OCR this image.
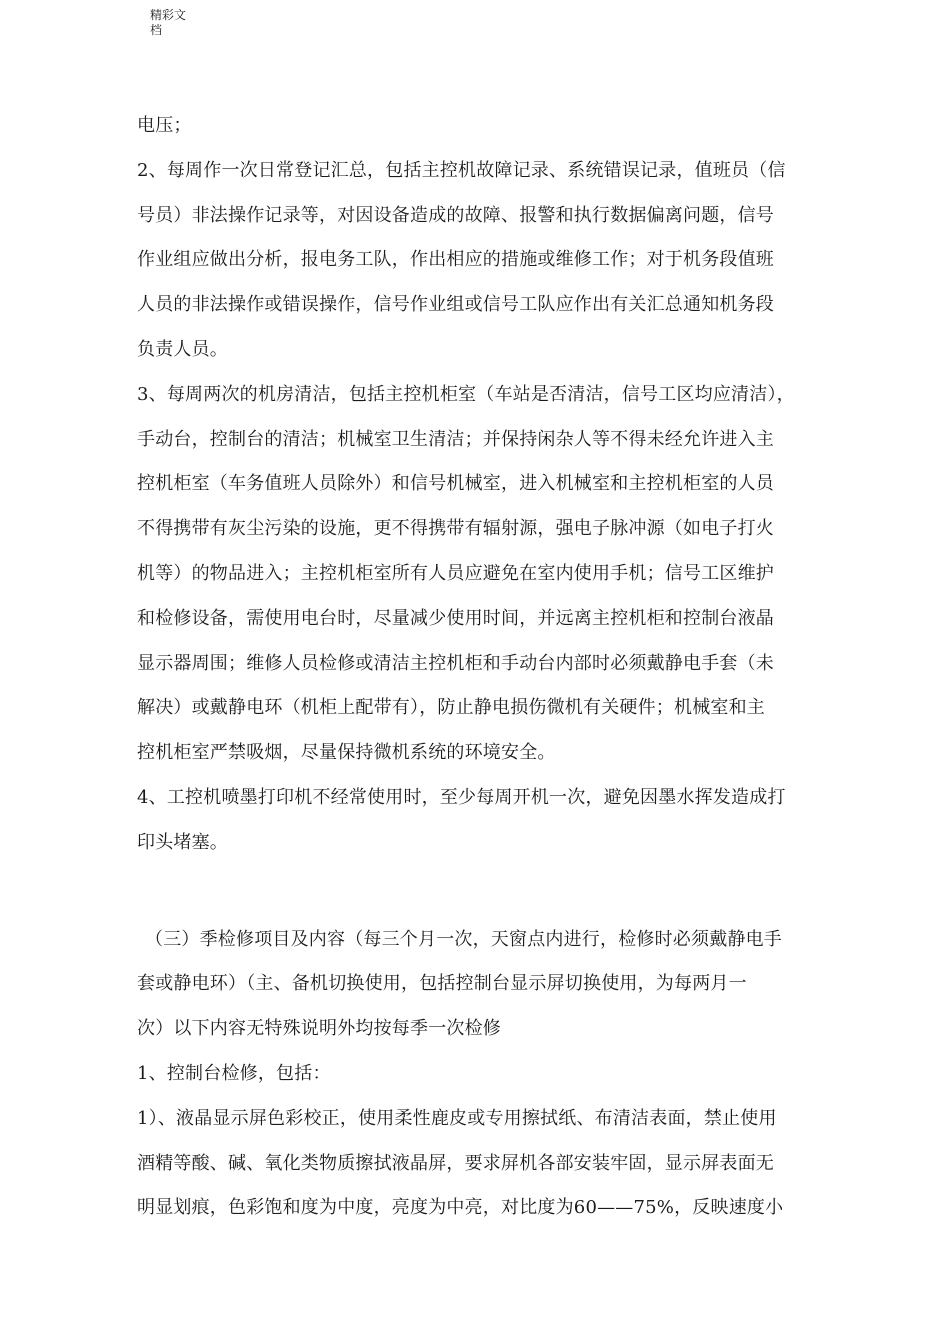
精彩文
档
电压；
2、每周作一次日常登记汇总，包括主控机故障记录、系统错误记录，值班员（信
号员）非法操作记录等，对因设备造成的故障、报警和执行数据偏离问题，信号
作业组应做出分析，报电务工队，作出相应的措施或维修工作；对于机务段值班
人员的非法操作或错误操作，信号作业组或信号工队应作出有关汇总通知机务段
负责人员。
3、每周两次的机房清洁，包括主控机柜室（车站是否清洁，信号工区均应清洁），
手动台，控制台的清洁；机械室卫生清洁；并保持闲杂人等不得未经允许进入主
控机柜室（车务值班人员除外）和信号机械室，进入机械室和主控机柜室的人员
不得携带有灰尘污染的设施，更不得携带有辐射源，强电子脉冲源（如电子打火
机等）的物品进入；主控机柜室所有人员应避免在室内使用手机；信号工区维护
和检修设备，需使用电台时，尽量减少使用时间，并远离主控机柜和控制台液晶
显示器周围；维修人员检修或清洁主控机柜和手动台内部时必须戴静电手套（未
解决）或戴静电环（机柜上配带有），防止静电损伤微机有关硬件；机械室和主
控机柜室严禁吸烟，尽量保持微机系统的环境安全。
4、工控机喷墨打印机不经常使用时，至少每周开机一次，避免因墨水挥发造成打
印头堵塞。
（三）季检修项目及内容（每三个月一次，天窗点内进行，检修时必须戴静电手
套或静电环）（主、备机切换使用，包括控制台显示屏切换使用，为每两月一
次）以下内容无特殊说明外均按每季一次检修
1、控制台检修，包括：
1）、液晶显示屏色彩校正，使用柔性鹿皮或专用擦拭纸、布清洁表面，禁止使用
酒精等酸、碱、氧化类物质擦拭液晶屏，要求屏机各部安装牢固，显示屏表面无
明显划痕，色彩饱和度为中度，亮度为中亮，对比度为60——75%，反映速度小
